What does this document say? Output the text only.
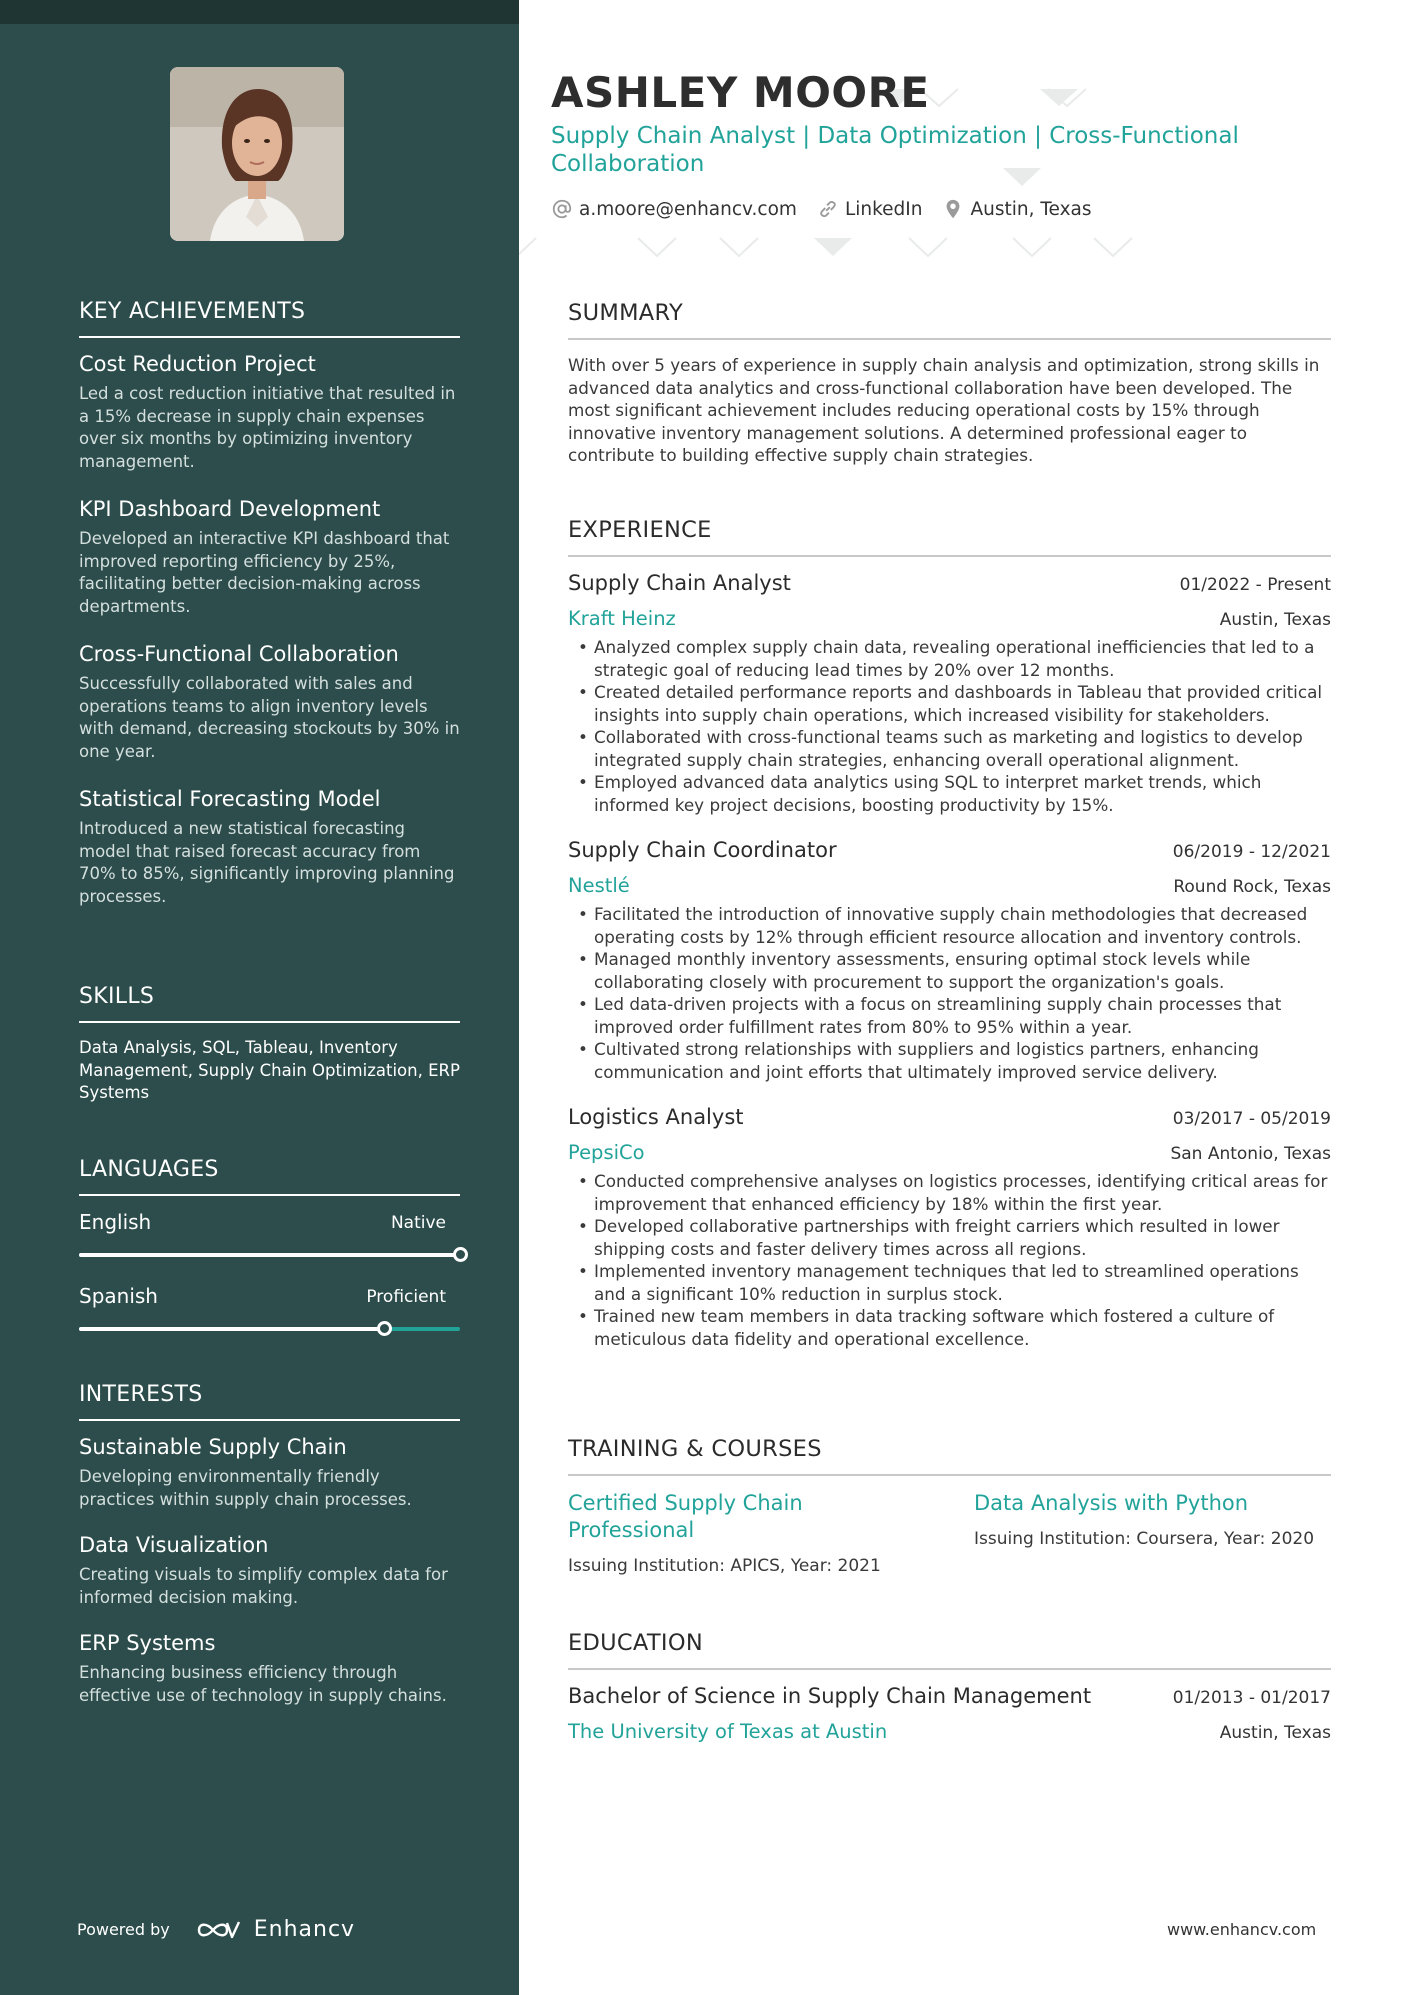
KEY ACHIEVEMENTS
Cost Reduction Project
Led a cost reduction initiative that resulted in a 15% decrease in supply chain expenses over six months by optimizing inventory management.
KPI Dashboard Development
Developed an interactive KPI dashboard that improved reporting efficiency by 25%, facilitating better decision-making across departments.
Cross-Functional Collaboration
Successfully collaborated with sales and operations teams to align inventory levels with demand, decreasing stockouts by 30% in one year.
Statistical Forecasting Model
Introduced a new statistical forecasting model that raised forecast accuracy from 70% to 85%, significantly improving planning processes.
SKILLS
Data Analysis, SQL, Tableau, Inventory Management, Supply Chain Optimization, ERP Systems
LANGUAGES
English	Native
Spanish	Proficient
INTERESTS
Sustainable Supply Chain
Developing environmentally friendly practices within supply chain processes.
Data Visualization
Creating visuals to simplify complex data for informed decision making.
ERP Systems
Enhancing business efficiency through effective use of technology in supply chains.
Powered by	Enhancv
ASHLEY MOORE
Supply Chain Analyst | Data Optimization | Cross-Functional Collaboration
a.moore@enhancv.com	LinkedIn	Austin, Texas
SUMMARY
With over 5 years of experience in supply chain analysis and optimization, strong skills in advanced data analytics and cross-functional collaboration have been developed. The most significant achievement includes reducing operational costs by 15% through innovative inventory management solutions. A determined professional eager to contribute to building effective supply chain strategies.
EXPERIENCE
Supply Chain Analyst	01/2022 - Present
Kraft Heinz	Austin, Texas
• Analyzed complex supply chain data, revealing operational inefficiencies that led to a strategic goal of reducing lead times by 20% over 12 months.
• Created detailed performance reports and dashboards in Tableau that provided critical insights into supply chain operations, which increased visibility for stakeholders.
• Collaborated with cross-functional teams such as marketing and logistics to develop integrated supply chain strategies, enhancing overall operational alignment.
• Employed advanced data analytics using SQL to interpret market trends, which informed key project decisions, boosting productivity by 15%.
Supply Chain Coordinator	06/2019 - 12/2021
Nestlé	Round Rock, Texas
• Facilitated the introduction of innovative supply chain methodologies that decreased operating costs by 12% through efficient resource allocation and inventory controls.
• Managed monthly inventory assessments, ensuring optimal stock levels while collaborating closely with procurement to support the organization's goals.
• Led data-driven projects with a focus on streamlining supply chain processes that improved order fulfillment rates from 80% to 95% within a year.
• Cultivated strong relationships with suppliers and logistics partners, enhancing communication and joint efforts that ultimately improved service delivery.
Logistics Analyst	03/2017 - 05/2019
PepsiCo	San Antonio, Texas
• Conducted comprehensive analyses on logistics processes, identifying critical areas for improvement that enhanced efficiency by 18% within the first year.
• Developed collaborative partnerships with freight carriers which resulted in lower shipping costs and faster delivery times across all regions.
• Implemented inventory management techniques that led to streamlined operations and a significant 10% reduction in surplus stock.
• Trained new team members in data tracking software which fostered a culture of meticulous data fidelity and operational excellence.
TRAINING & COURSES
Certified Supply Chain Professional
Issuing Institution: APICS, Year: 2021
Data Analysis with Python
Issuing Institution: Coursera, Year: 2020
EDUCATION
Bachelor of Science in Supply Chain Management	01/2013 - 01/2017
The University of Texas at Austin	Austin, Texas
www.enhancv.com
